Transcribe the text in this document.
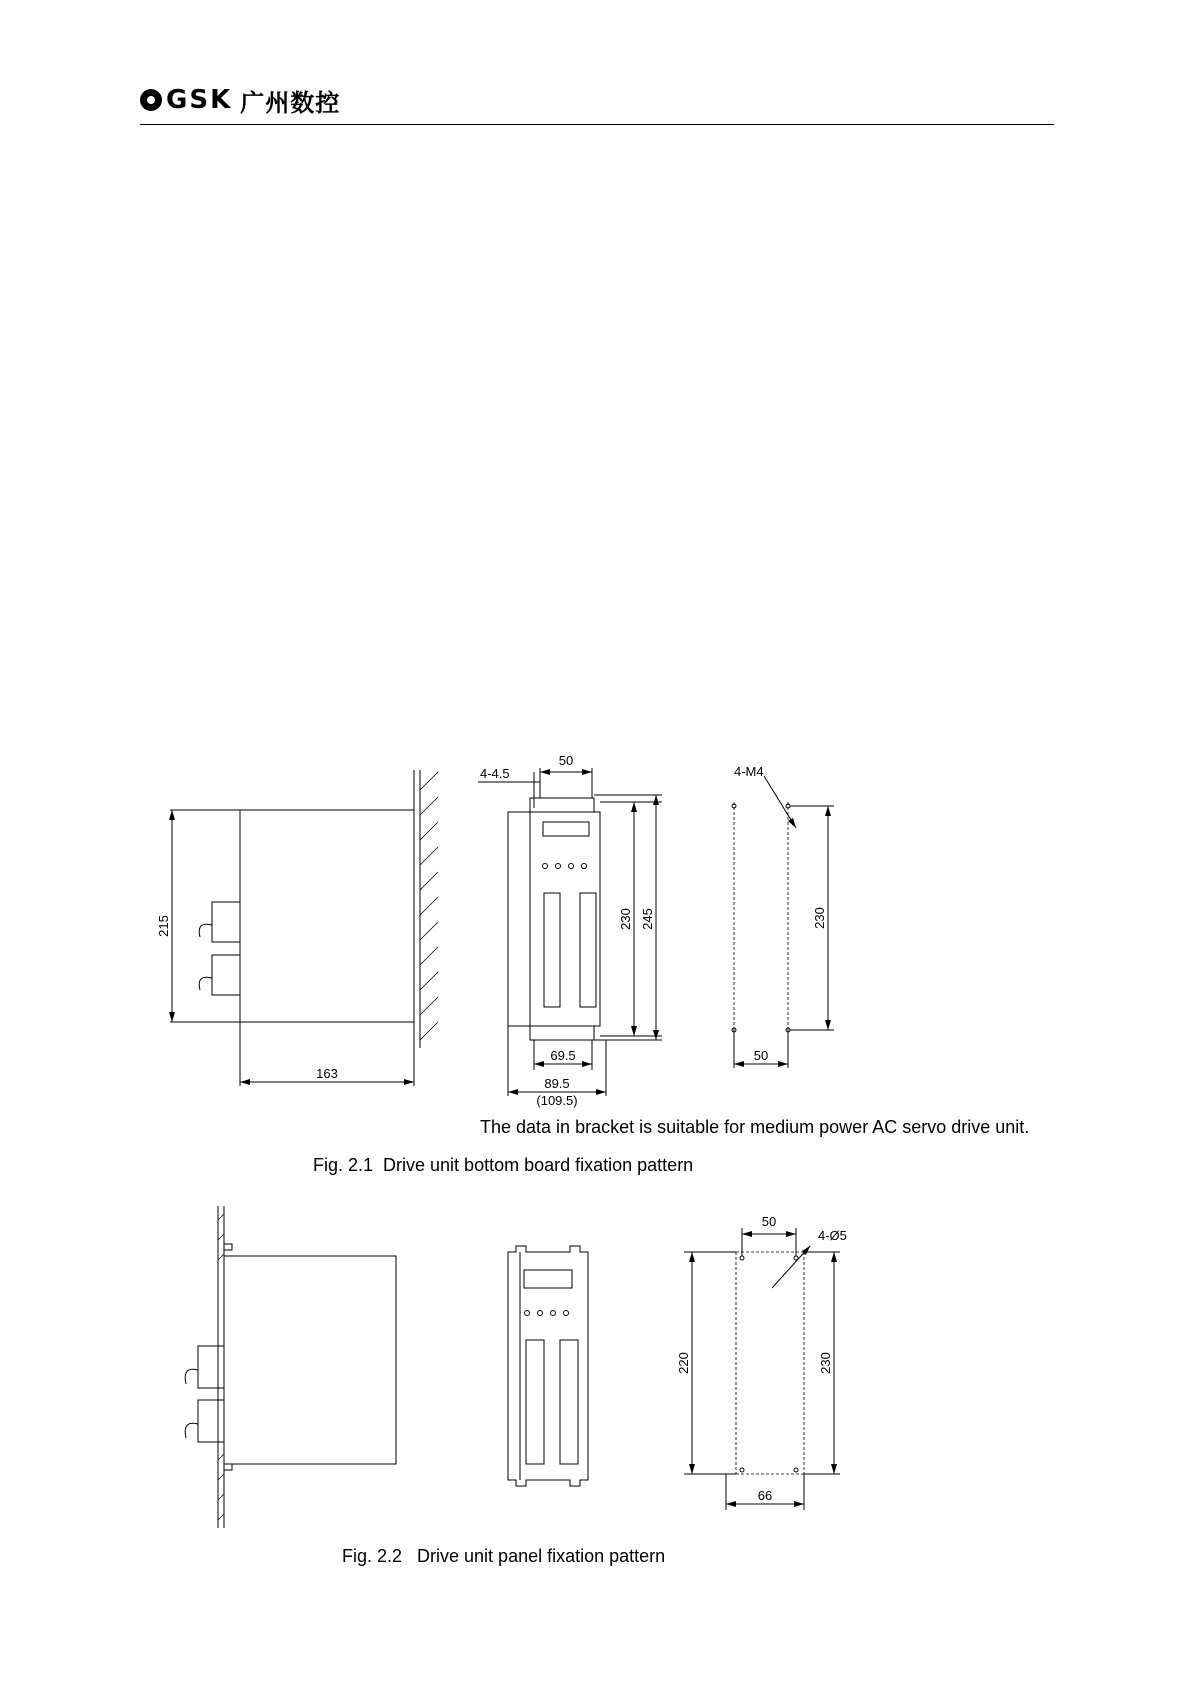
GSK 广州数控
215
163
4-4.5
50
230 245
69.5
89.5
(109.5)
4-M4
230
50
The data in bracket is suitable for medium power AC servo drive unit.
Fig. 2.1  Drive unit bottom board fixation pattern
50
4-Ø5
220	230
66
Fig. 2.2   Drive unit panel fixation pattern
